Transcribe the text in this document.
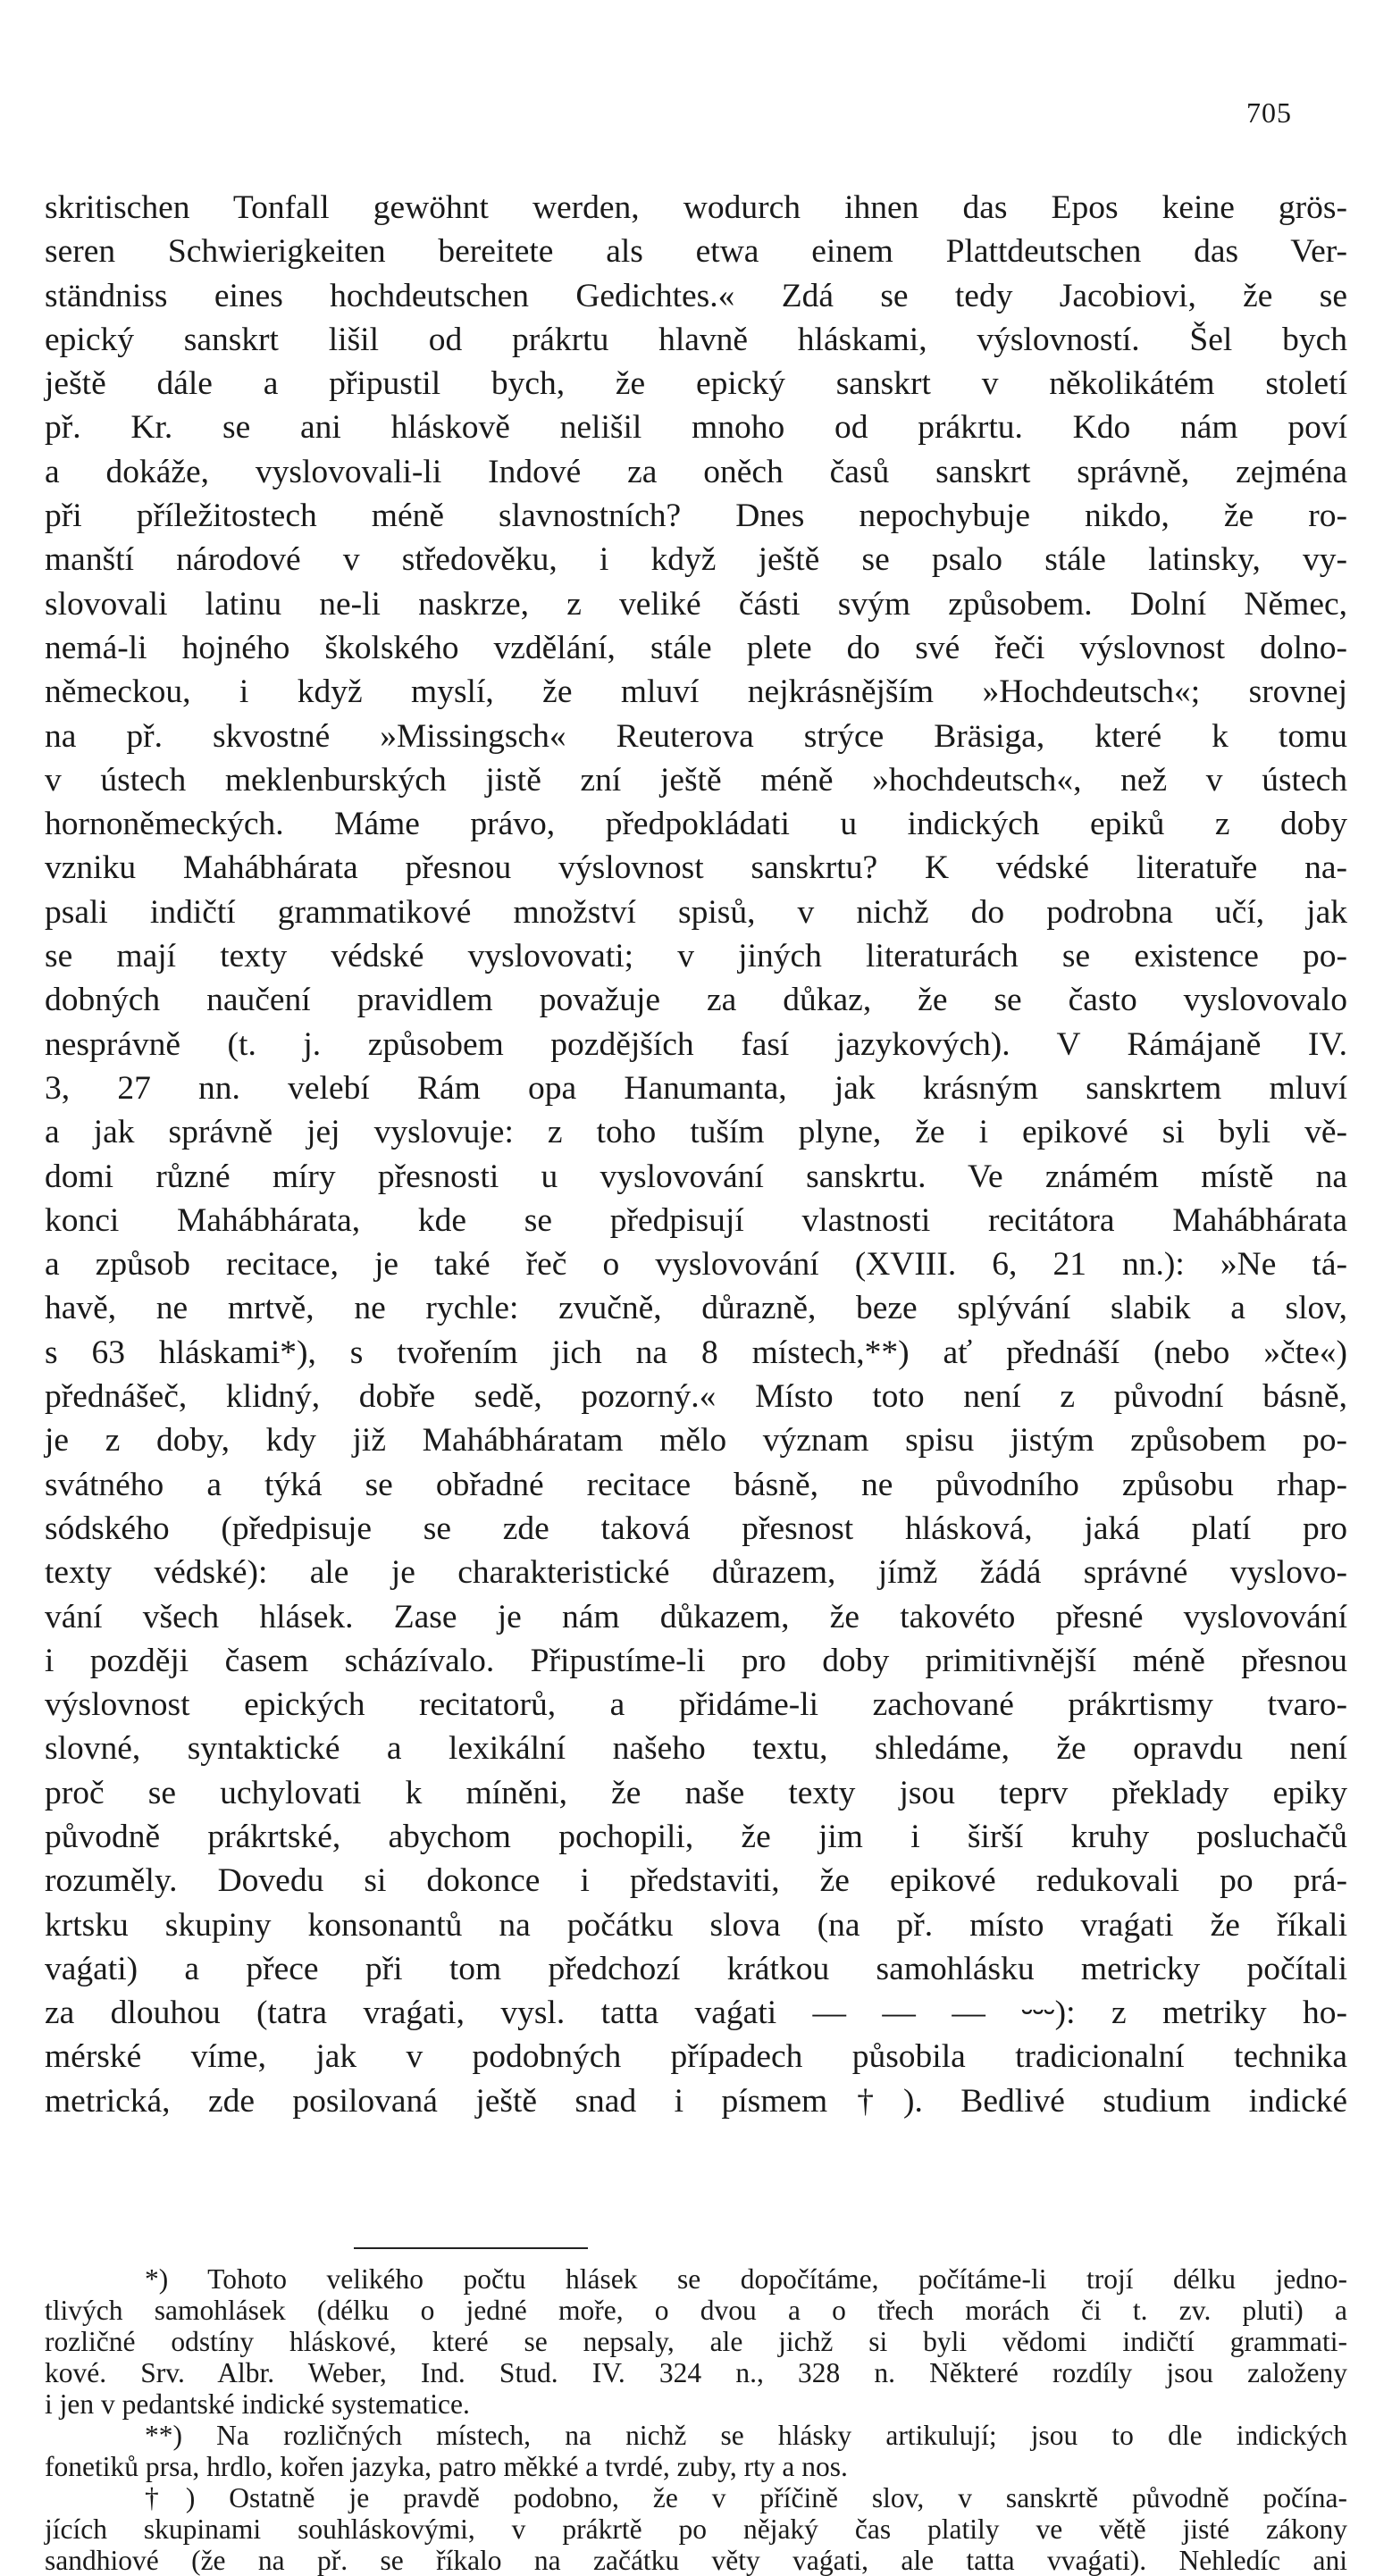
705
skritischen Tonfall gewöhnt werden, wodurch ihnen das Epos keine grös-
seren Schwierigkeiten bereitete als etwa einem Plattdeutschen das Ver-
ständniss eines hochdeutschen Gedichtes.« Zdá se tedy Jacobiovi, že se
epický sanskrt lišil od prákrtu hlavně hláskami, výslovností. Šel bych
ještě dále a připustil bych, že epický sanskrt v několikátém století
př. Kr. se ani hláskově nelišil mnoho od prákrtu. Kdo nám poví
a dokáže, vyslovovali-li Indové za oněch časů sanskrt správně, zejména
při příležitostech méně slavnostních? Dnes nepochybuje nikdo, že ro-
manští národové v středověku, i když ještě se psalo stále latinsky, vy-
slovovali latinu ne-li naskrze, z veliké části svým způsobem. Dolní Němec,
nemá-li hojného školského vzdělání, stále plete do své řeči výslovnost dolno-
německou, i když myslí, že mluví nejkrásnějším »Hochdeutsch«; srovnej
na př. skvostné »Missingsch« Reuterova strýce Bräsiga, které k tomu
v ústech meklenburských jistě zní ještě méně »hochdeutsch«, než v ústech
hornoněmeckých. Máme právo, předpokládati u indických epiků z doby
vzniku Mahábhárata přesnou výslovnost sanskrtu? K védské literatuře na-
psali indičtí grammatikové množství spisů, v nichž do podrobna učí, jak
se mají texty védské vyslovovati; v jiných literaturách se existence po-
dobných naučení pravidlem považuje za důkaz, že se často vyslovovalo
nesprávně (t. j. způsobem pozdějších fasí jazykových). V Rámájaně IV.
3, 27 nn. velebí Rám opa Hanumanta, jak krásným sanskrtem mluví
a jak správně jej vyslovuje: z toho tuším plyne, že i epikové si byli vě-
domi různé míry přesnosti u vyslovování sanskrtu. Ve známém místě na
konci Mahábhárata, kde se předpisují vlastnosti recitátora Mahábhárata
a způsob recitace, je také řeč o vyslovování (XVIII. 6, 21 nn.): »Ne tá-
havě, ne mrtvě, ne rychle: zvučně, důrazně, beze splývání slabik a slov,
s 63 hláskami*), s tvořením jich na 8 místech,**) ať přednáší (nebo »čte«)
přednášeč, klidný, dobře sedě, pozorný.« Místo toto není z původní básně,
je z doby, kdy již Mahábháratam mělo význam spisu jistým způsobem po-
svátného a týká se obřadné recitace básně, ne původního způsobu rhap-
sódského (předpisuje se zde taková přesnost hlásková, jaká platí pro
texty védské): ale je charakteristické důrazem, jímž žádá správné vyslovo-
vání všech hlásek. Zase je nám důkazem, že takovéto přesné vyslovování
i později časem scházívalo. Připustíme-li pro doby primitivnější méně přesnou
výslovnost epických recitatorů, a přidáme-li zachované prákrtismy tvaro-
slovné, syntaktické a lexikální našeho textu, shledáme, že opravdu není
proč se uchylovati k míněni, že naše texty jsou teprv překlady epiky
původně prákrtské, abychom pochopili, že jim i širší kruhy posluchačů
rozuměly. Dovedu si dokonce i představiti, že epikové redukovali po prá-
krtsku skupiny konsonantů na počátku slova (na př. místo vraǵati že říkali
vaǵati) a přece při tom předchozí krátkou samohlásku metricky počítali
za dlouhou (tatra vraǵati, vysl. tatta vaǵati — — — ⏑⏑⏑): z metriky ho-
mérské víme, jak v podobných případech působila tradicionalní technika
metrická, zde posilovaná ještě snad i písmem†). Bedlivé studium indické
*) Tohoto velikého počtu hlásek se dopočítáme, počítáme-li trojí délku jedno-
tlivých samohlásek (délku o jedné moře, o dvou a o třech morách či t. zv. pluti) a
rozličné odstíny hláskové, které se nepsaly, ale jichž si byli vědomi indičtí grammati-
kové. Srv. Albr. Weber, Ind. Stud. IV. 324 n., 328 n. Některé rozdíly jsou založeny
i jen v pedantské indické systematice.
**) Na rozličných místech, na nichž se hlásky artikulují; jsou to dle indických
fonetiků prsa, hrdlo, kořen jazyka, patro měkké a tvrdé, zuby, rty a nos.
†) Ostatně je pravdě podobno, že v příčině slov, v sanskrtě původně počína-
jících skupinami souhláskovými, v prákrtě po nějaký čas platily ve větě jisté zákony
sandhiové (že na př. se říkalo na začátku věty vaǵati, ale tatta vvaǵati). Nehledíc ani
